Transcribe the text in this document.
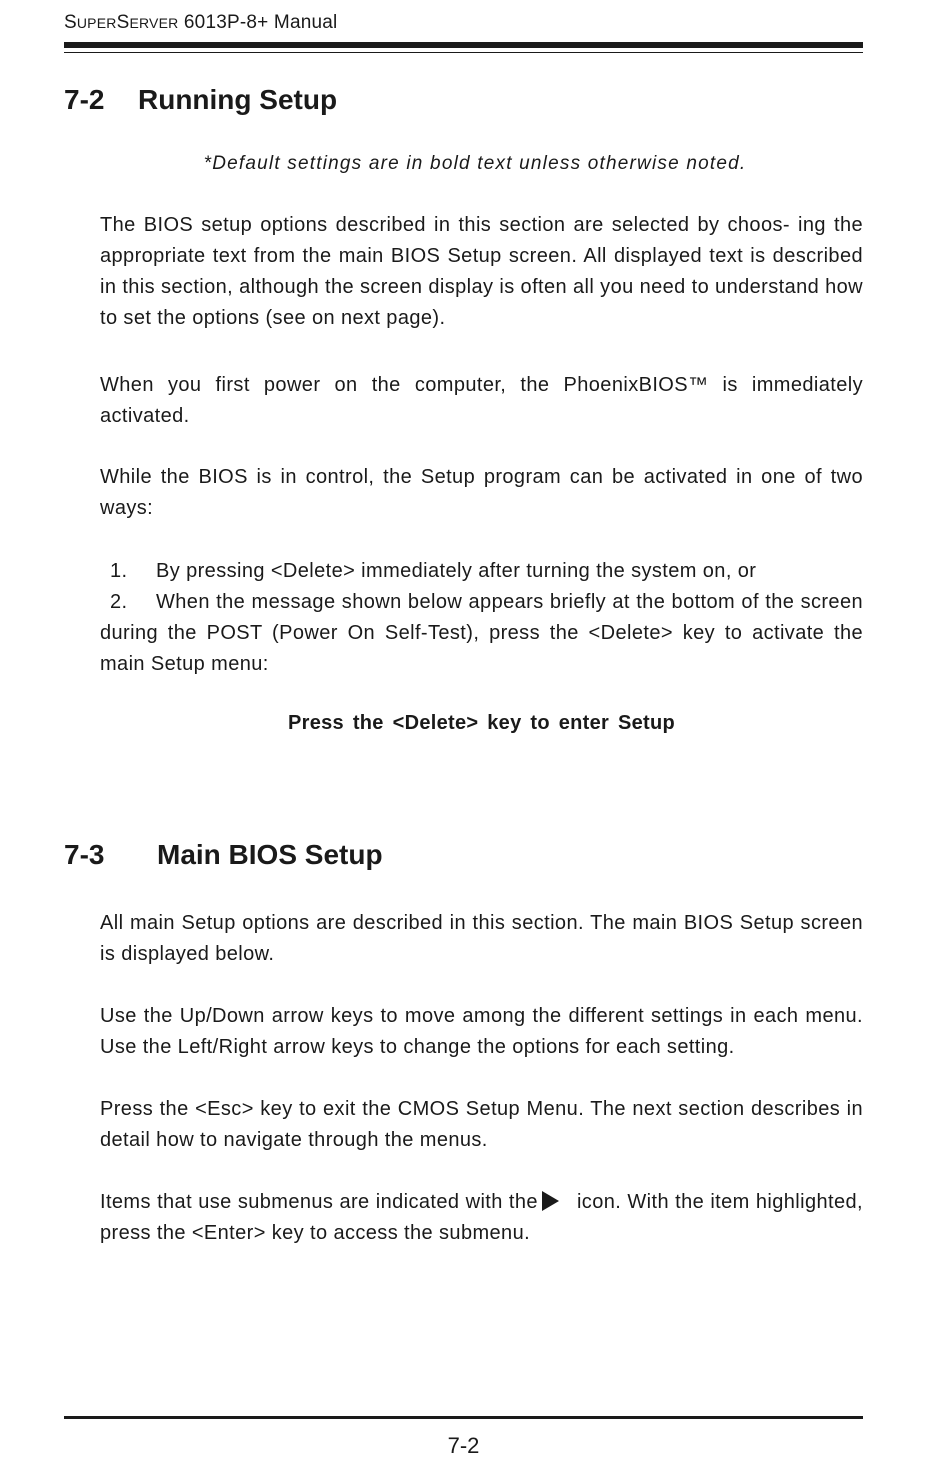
SUPERSERVER 6013P-8+ Manual
7-2 Running Setup
*Default settings are in bold text unless otherwise noted.
The BIOS setup options described in this section are selected by choos- ing the appropriate text from the main BIOS Setup screen. All displayed text is described in this section, although the screen display is often all you need to understand how to set the options (see on next page).
When you first power on the computer, the PhoenixBIOS™ is immediately activated.
While the BIOS is in control, the Setup program can be activated in one of two ways:
1. By pressing <Delete> immediately after turning the system on, or
2. When the message shown below appears briefly at the bottom of the screen during the POST (Power On Self-Test), press the <Delete> key to activate the main Setup menu:
Press the <Delete> key to enter Setup
7-3 Main BIOS Setup
All main Setup options are described in this section. The main BIOS Setup screen is displayed below.
Use the Up/Down arrow keys to move among the different settings in each menu. Use the Left/Right arrow keys to change the options for each setting.
Press the <Esc> key to exit the CMOS Setup Menu. The next section describes in detail how to navigate through the menus.
Items that use submenus are indicated with the icon. With the item highlighted, press the <Enter> key to access the submenu.
7-2
